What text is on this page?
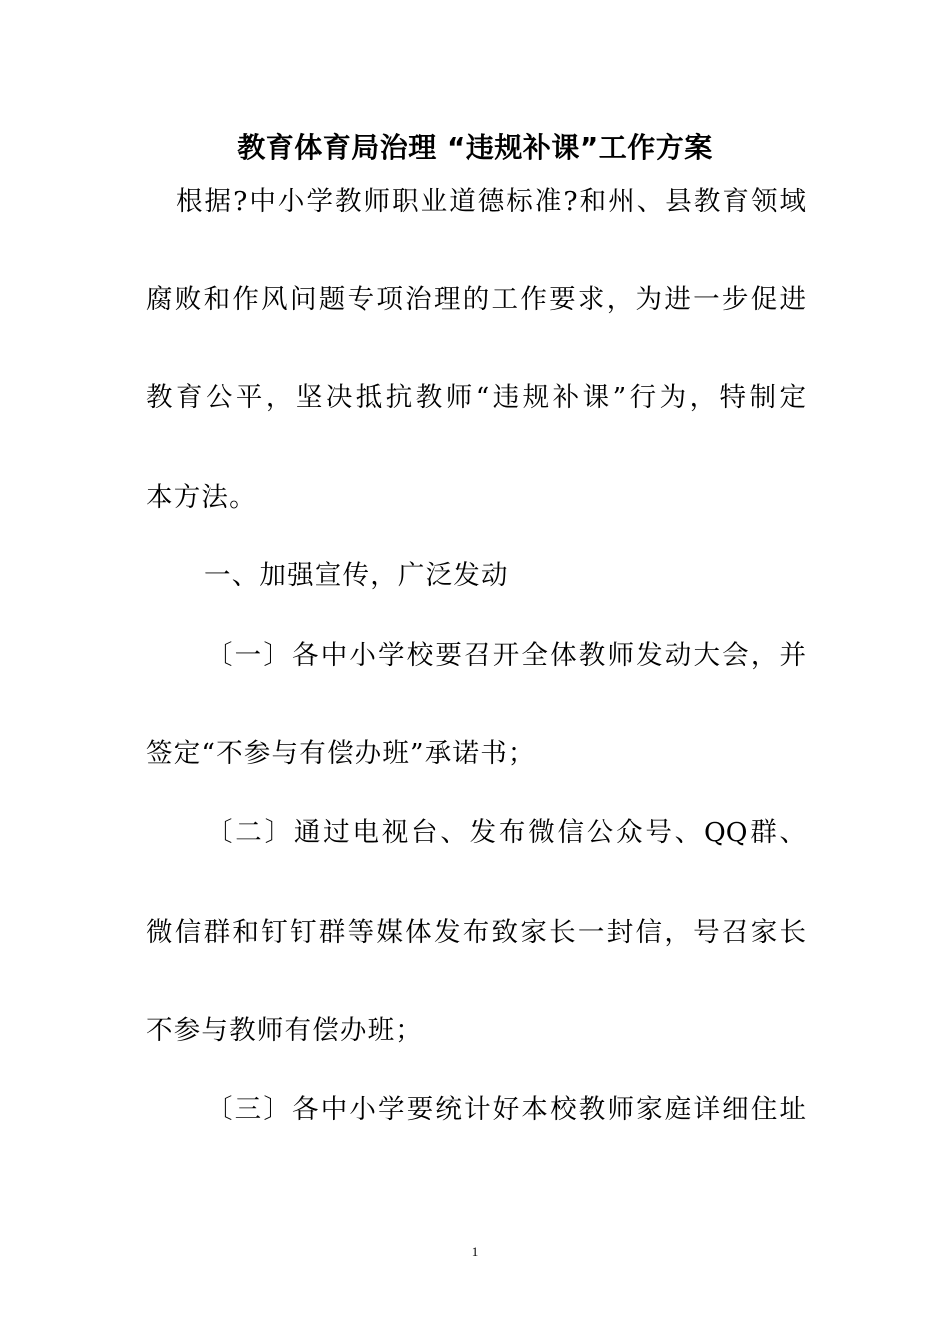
教育体育局治理 “违规补课”工作方案
根据?中小学教师职业道德标准?和州、县教育领域
腐败和作风问题专项治理的工作要求，为进一步促进
教育公平，坚决抵抗教师“违规补课”行为，特制定
本方法。
一、加强宣传，广泛发动
〔一〕各中小学校要召开全体教师发动大会，并
签定“不参与有偿办班”承诺书；
〔二〕通过电视台、发布微信公众号、QQ群、
微信群和钉钉群等媒体发布致家长一封信，号召家长
不参与教师有偿办班；
〔三〕各中小学要统计好本校教师家庭详细住址
1
